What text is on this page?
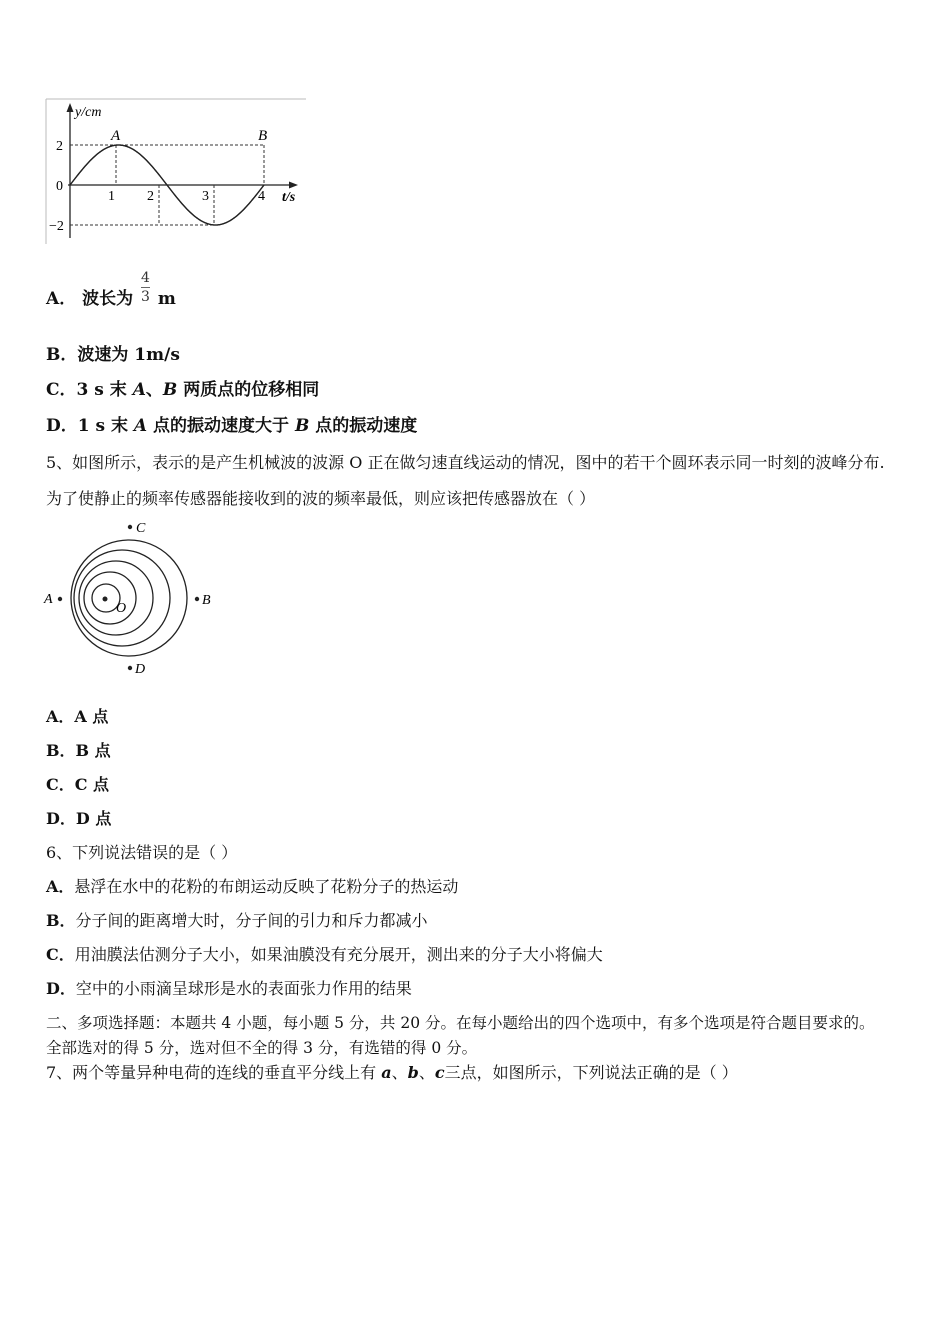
y/cm
t/s
2
0
−2
1 2	3	4
A	B
A． 波长为 $\frac{4}{3}$ m
B．波速为 1m/s
C．3 s 末 A、B 两质点的位移相同
D．1 s 末 A 点的振动速度大于 B 点的振动速度
5、如图所示，表示的是产生机械波的波源 O 正在做匀速直线运动的情况，图中的若干个圆环表示同一时刻的波峰分布.
为了使静止的频率传感器能接收到的波的频率最低，则应该把传感器放在（ ）
C
A	B
D
O
A．A 点
B．B 点
C．C 点
D．D 点
6、下列说法错误的是（ ）
A．悬浮在水中的花粉的布朗运动反映了花粉分子的热运动
B．分子间的距离增大时，分子间的引力和斥力都减小
C．用油膜法估测分子大小，如果油膜没有充分展开，测出来的分子大小将偏大
D．空中的小雨滴呈球形是水的表面张力作用的结果
二、多项选择题：本题共 4 小题，每小题 5 分，共 20 分。在每小题给出的四个选项中，有多个选项是符合题目要求的。
全部选对的得 5 分，选对但不全的得 3 分，有选错的得 0 分。
7、两个等量异种电荷的连线的垂直平分线上有 a、b、c三点，如图所示，下列说法正确的是（ ）
